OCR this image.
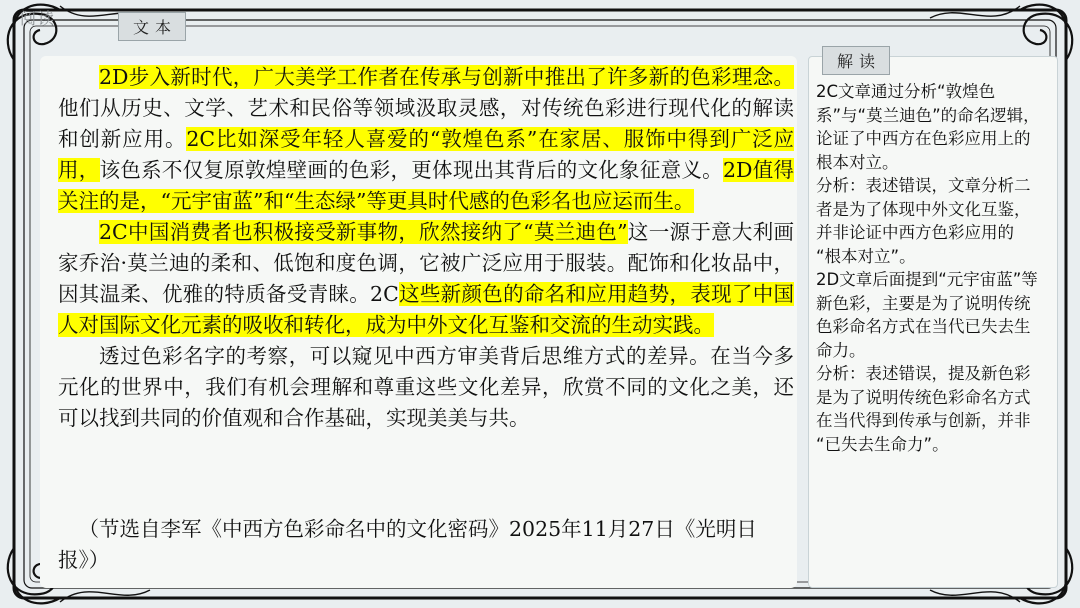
阅读	文本
解读

2D步入新时代，广大美学工作者在传承与创新中推出了许多新的色彩理念。他们从历史、文学、艺术和民俗等领域汲取灵感，对传统色彩进行现代化的解读和创新应用。2C比如深受年轻人喜爱的“敦煌色系”在家居、服饰中得到广泛应用，该色系不仅复原敦煌壁画的色彩，更体现出其背后的文化象征意义。2D值得关注的是，“元宇宙蓝”和“生态绿”等更具时代感的色彩名也应运而生。

2C中国消费者也积极接受新事物，欣然接纳了“莫兰迪色”这一源于意大利画家乔治·莫兰迪的柔和、低饱和度色调，它被广泛应用于服装。配饰和化妆品中，因其温柔、优雅的特质备受青睐。2C这些新颜色的命名和应用趋势，表现了中国人对国际文化元素的吸收和转化，成为中外文化互鉴和交流的生动实践。

透过色彩名字的考察，可以窥见中西方审美背后思维方式的差异。在当今多元化的世界中，我们有机会理解和尊重这些文化差异，欣赏不同的文化之美，还可以找到共同的价值观和合作基础，实现美美与共。

（节选自李军《中西方色彩命名中的文化密码》2025年11月27日《光明日报》）
2C文章通过分析“敦煌色系”与“莫兰迪色”的命名逻辑，论证了中西方在色彩应用上的根本对立。
分析：表述错误，文章分析二者是为了体现中外文化互鉴，并非论证中西方色彩应用的 “根本对立”。
2D文章后面提到“元宇宙蓝”等新色彩，主要是为了说明传统色彩命名方式在当代已失去生命力。
分析：表述错误，提及新色彩是为了说明传统色彩命名方式在当代得到传承与创新，并非 “已失去生命力”。
